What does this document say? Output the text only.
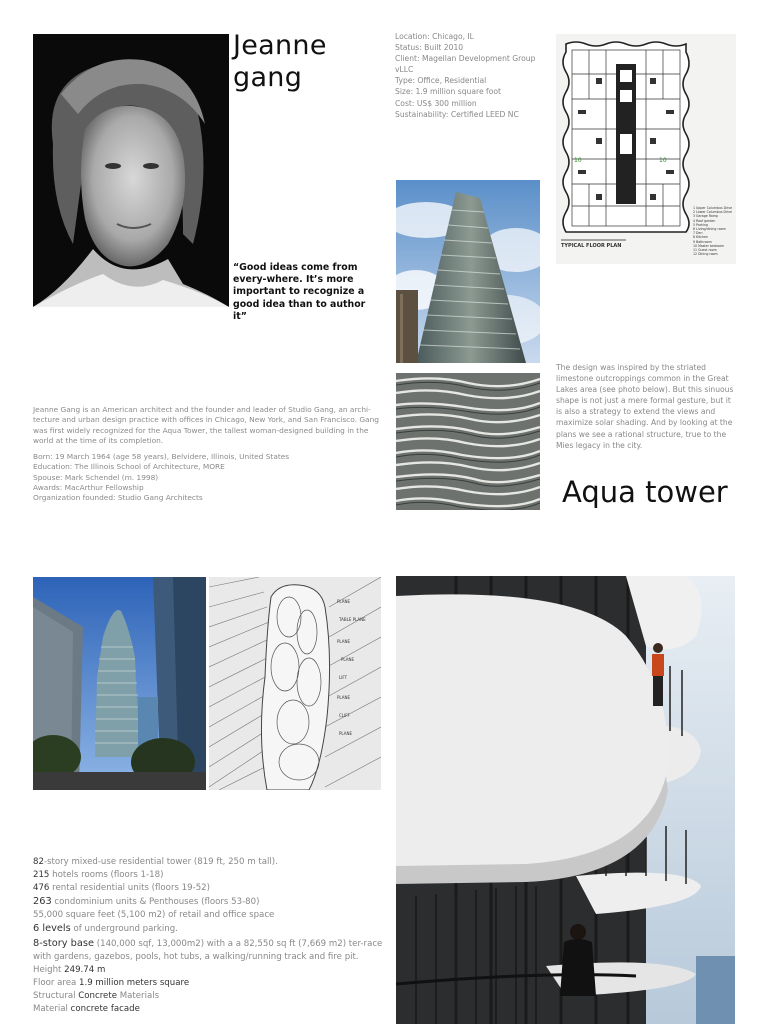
Jeanne
gang
“Good ideas come from every-where. It’s more important to recognize a good idea than to author it”
Location: Chicago, IL
Status: Built 2010
Client: Magellan Development Group
vLLC
Type: Office, Residential
Size: 1.9 million square foot
Cost: US$ 300 million
Sustainability: Certified LEED NC
10	10
TYPICAL FLOOR PLAN
1 Upper Columbus Drive
2 Lower Columbus Drive
3 Garage Ramp
4 Roof garden
5 Parking
6 Living/dining room
7 Den
8 Kitchen
9 Bathroom
10 Master bedroom
11 Guest room
12 Dining room

Jeanne Gang is an American architect and the founder and leader of Studio Gang, an archi-tecture and urban design practice with offices in Chicago, New York, and San Francisco. Gang was first widely recognized for the Aqua Tower, the tallest woman-designed building in the world at the time of its completion.

Born: 19 March 1964 (age 58 years), Belvidere, Illinois, United States
Education: The Illinois School of Architecture, MORE
Spouse: Mark Schendel (m. 1998)
Awards: MacArthur Fellowship
Organization founded: Studio Gang Architects
The design was inspired by the striated limestone outcroppings common in the Great Lakes area (see photo below). But this sinuous shape is not just a mere formal gesture, but it is also a strategy to extend the views and maximize solar shading. And by looking at the plans we see a rational structure, true to the Mies legacy in the city.
Aqua tower
PLANE
TABLE PLANE
PLANE
PLANE
LIFT
PLANE
CLIFF
PLANE
82-story mixed-use residential tower (819 ft, 250 m tall).
215 hotels rooms (floors 1-18)
476 rental residential units (floors 19-52)
263 condominium units & Penthouses (floors 53-80)
55,000 square feet (5,100 m2) of retail and office space
6 levels of underground parking.
8-story base (140,000 sqf, 13,000m2) with a a 82,550 sq ft (7,669 m2) ter-race with gardens, gazebos, pools, hot tubs, a walking/running track and fire pit.
Height 249.74 m
Floor area 1.9 million meters square
Structural Concrete Materials
Material concrete facade
